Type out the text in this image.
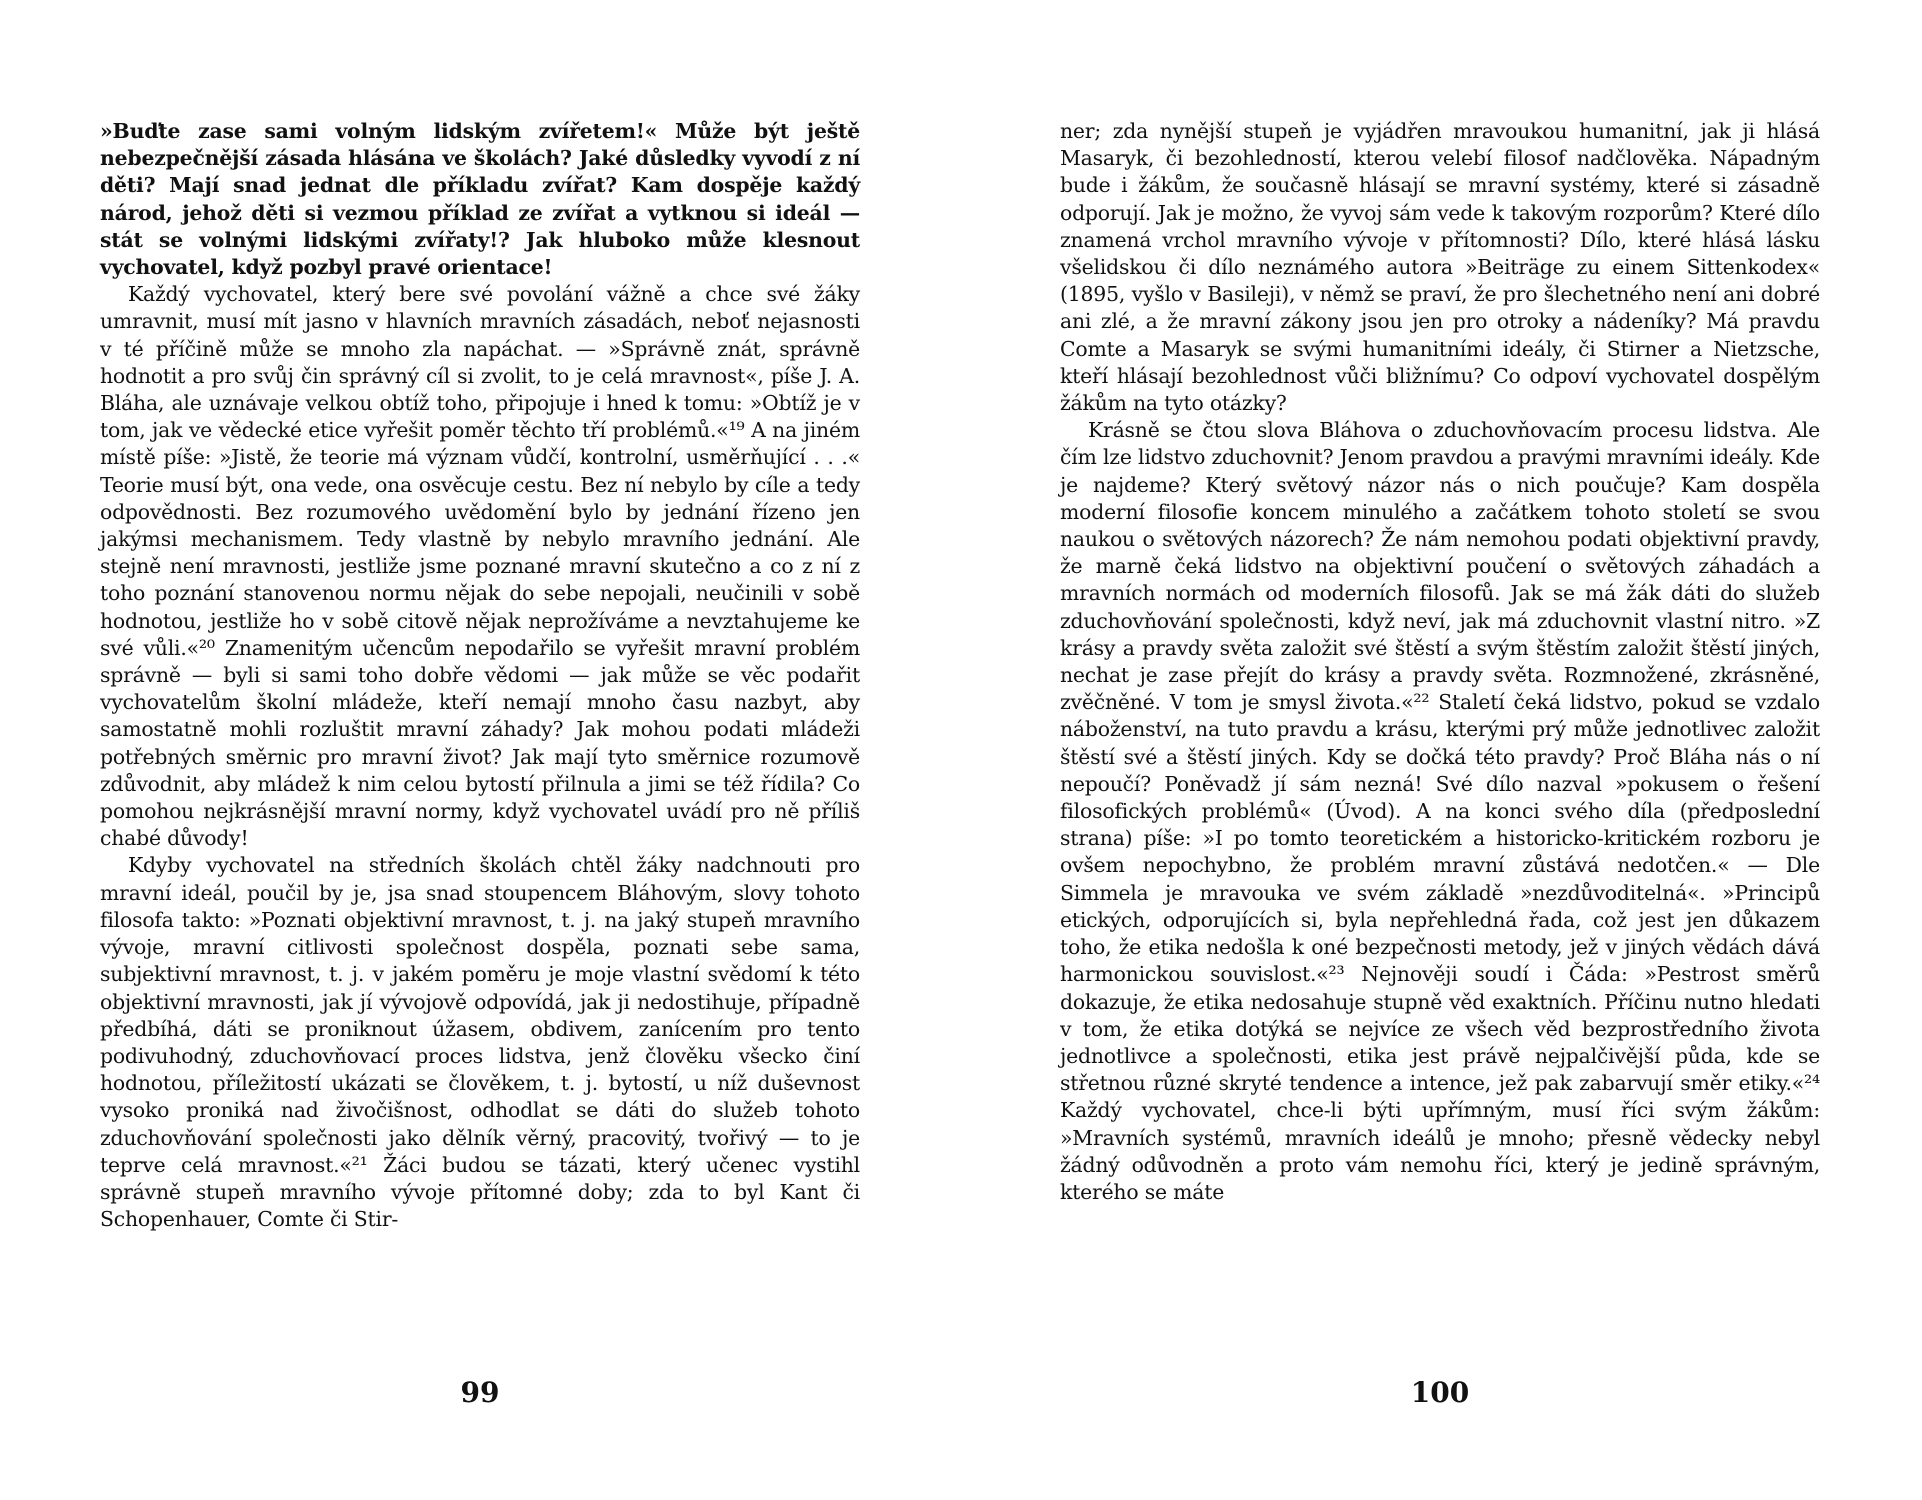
»Buďte zase sami volným lidským zvířetem!« Může být ještě nebezpečnější zásada hlásána ve školách? Jaké důsledky vyvodí z ní děti? Mají snad jednat dle příkladu zvířat? Kam dospěje každý národ, jehož děti si vezmou příklad ze zvířat a vytknou si ideál — stát se volnými lidskými zvířaty!? Jak hluboko může klesnout vychovatel, když pozbyl pravé orientace!

Každý vychovatel, který bere své povolání vážně a chce své žáky umravnit, musí mít jasno v hlavních mravních zásadách, neboť nejasnosti v té příčině může se mnoho zla napáchat. — »Správně znát, správně hodnotit a pro svůj čin správný cíl si zvolit, to je celá mravnost«, píše J. A. Bláha, ale uznávaje velkou obtíž toho, připojuje i hned k tomu: »Obtíž je v tom, jak ve vědecké etice vyřešit poměr těchto tří problémů.«¹⁹ A na jiném místě píše: »Jistě, že teorie má význam vůdčí, kontrolní, usměrňující . . .« Teorie musí být, ona vede, ona osvěcuje cestu. Bez ní nebylo by cíle a tedy odpovědnosti. Bez rozumového uvědomění bylo by jednání řízeno jen jakýmsi mechanismem. Tedy vlastně by nebylo mravního jednání. Ale stejně není mravnosti, jestliže jsme poznané mravní skutečno a co z ní z toho poznání stanovenou normu nějak do sebe nepojali, neučinili v sobě hodnotou, jestliže ho v sobě citově nějak neprožíváme a nevztahujeme ke své vůli.«²⁰ Znamenitým učencům nepodařilo se vyřešit mravní problém správně — byli si sami toho dobře vědomi — jak může se věc podařit vychovatelům školní mládeže, kteří nemají mnoho času nazbyt, aby samostatně mohli rozluštit mravní záhady? Jak mohou podati mládeži potřebných směrnic pro mravní život? Jak mají tyto směrnice rozumově zdůvodnit, aby mládež k nim celou bytostí přilnula a jimi se též řídila? Co pomohou nejkrásnější mravní normy, když vychovatel uvádí pro ně příliš chabé důvody!

Kdyby vychovatel na středních školách chtěl žáky nadchnouti pro mravní ideál, poučil by je, jsa snad stoupencem Bláhovým, slovy tohoto filosofa takto: »Poznati objektivní mravnost, t. j. na jaký stupeň mravního vývoje, mravní citlivosti společnost dospěla, poznati sebe sama, subjektivní mravnost, t. j. v jakém poměru je moje vlastní svědomí k této objektivní mravnosti, jak jí vývojově odpovídá, jak ji nedostihuje, případně předbíhá, dáti se proniknout úžasem, obdivem, zanícením pro tento podivuhodný, zduchovňovací proces lidstva, jenž člověku všecko činí hodnotou, příležitostí ukázati se člověkem, t. j. bytostí, u níž duševnost vysoko proniká nad živočišnost, odhodlat se dáti do služeb tohoto zduchovňování společnosti jako dělník věrný, pracovitý, tvořivý — to je teprve celá mravnost.«²¹ Žáci budou se tázati, který učenec vystihl správně stupeň mravního vývoje přítomné doby; zda to byl Kant či Schopenhauer, Comte či Stir-

99

ner; zda nynější stupeň je vyjádřen mravoukou humanitní, jak ji hlásá Masaryk, či bezohledností, kterou velebí filosof nadčlověka. Nápadným bude i žákům, že současně hlásají se mravní systémy, které si zásadně odporují. Jak je možno, že vyvoj sám vede k takovým rozporům? Které dílo znamená vrchol mravního vývoje v přítomnosti? Dílo, které hlásá lásku všelidskou či dílo neznámého autora »Beiträge zu einem Sittenkodex« (1895, vyšlo v Basileji), v němž se praví, že pro šlechetného není ani dobré ani zlé, a že mravní zákony jsou jen pro otroky a nádeníky? Má pravdu Comte a Masaryk se svými humanitními ideály, či Stirner a Nietzsche, kteří hlásají bezohlednost vůči bližnímu? Co odpoví vychovatel dospělým žákům na tyto otázky?

Krásně se čtou slova Bláhova o zduchovňovacím procesu lidstva. Ale čím lze lidstvo zduchovnit? Jenom pravdou a pravými mravními ideály. Kde je najdeme? Který světový názor nás o nich poučuje? Kam dospěla moderní filosofie koncem minulého a začátkem tohoto století se svou naukou o světových názorech? Že nám nemohou podati objektivní pravdy, že marně čeká lidstvo na objektivní poučení o světových záhadách a mravních normách od moderních filosofů. Jak se má žák dáti do služeb zduchovňování společnosti, když neví, jak má zduchovnit vlastní nitro. »Z krásy a pravdy světa založit své štěstí a svým štěstím založit štěstí jiných, nechat je zase přejít do krásy a pravdy světa. Rozmnožené, zkrásněné, zvěčněné. V tom je smysl života.«²² Staletí čeká lidstvo, pokud se vzdalo náboženství, na tuto pravdu a krásu, kterými prý může jednotlivec založit štěstí své a štěstí jiných. Kdy se dočká této pravdy? Proč Bláha nás o ní nepoučí? Poněvadž jí sám nezná! Své dílo nazval »pokusem o řešení filosofických problémů« (Úvod). A na konci svého díla (předposlední strana) píše: »I po tomto teoretickém a historicko-kritickém rozboru je ovšem nepochybno, že problém mravní zůstává nedotčen.« — Dle Simmela je mravouka ve svém základě »nezdůvoditelná«. »Principů etických, odporujících si, byla nepřehledná řada, což jest jen důkazem toho, že etika nedošla k oné bezpečnosti metody, jež v jiných vědách dává harmonickou souvislost.«²³ Nejnověji soudí i Čáda: »Pestrost směrů dokazuje, že etika nedosahuje stupně věd exaktních. Příčinu nutno hledati v tom, že etika dotýká se nejvíce ze všech věd bezprostředního života jednotlivce a společnosti, etika jest právě nejpalčivější půda, kde se střetnou různé skryté tendence a intence, jež pak zabarvují směr etiky.«²⁴ Každý vychovatel, chce-li býti upřímným, musí říci svým žákům: »Mravních systémů, mravních ideálů je mnoho; přesně vědecky nebyl žádný odůvodněn a proto vám nemohu říci, který je jedině správným, kterého se máte

100
